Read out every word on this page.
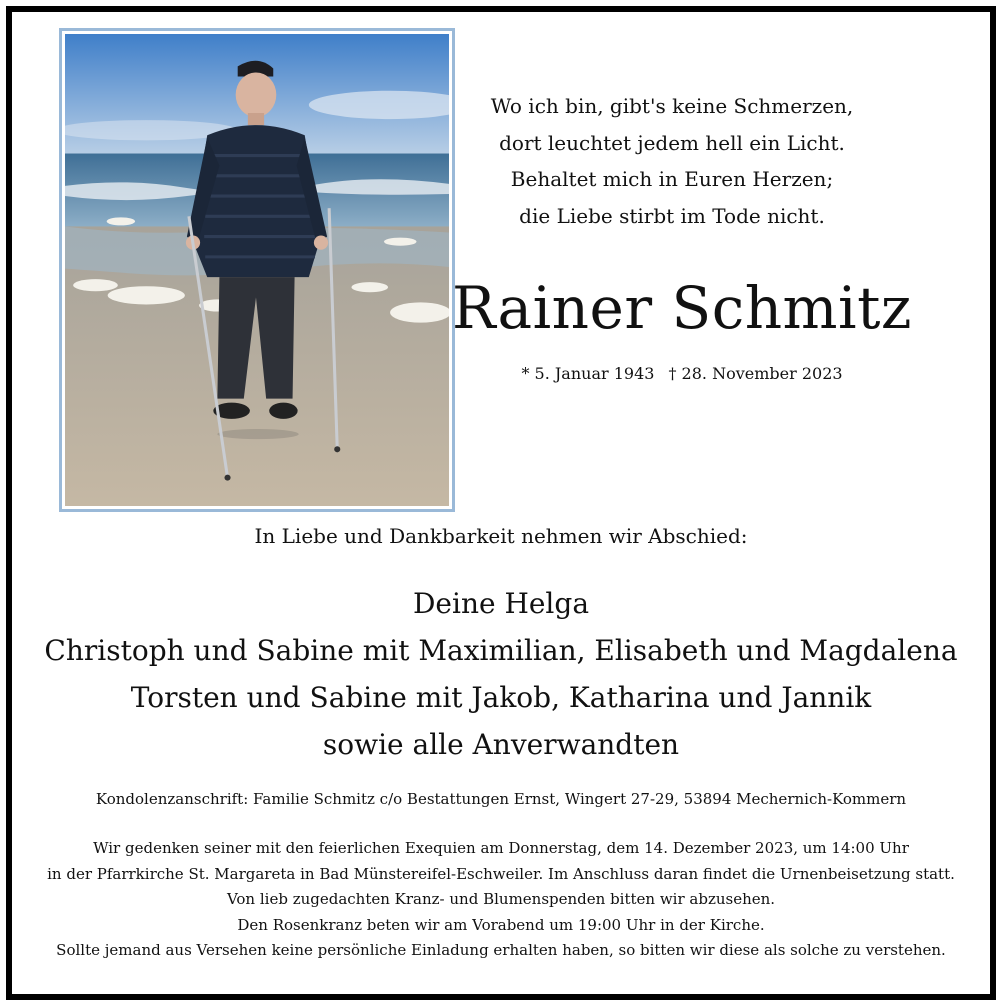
Wo ich bin, gibt's keine Schmerzen,
dort leuchtet jedem hell ein Licht.
Behaltet mich in Euren Herzen;
die Liebe stirbt im Tode nicht.
Rainer Schmitz
* 5. Januar 1943 † 28. November 2023
In Liebe und Dankbarkeit nehmen wir Abschied:
Deine Helga
Christoph und Sabine mit Maximilian, Elisabeth und Magdalena
Torsten und Sabine mit Jakob, Katharina und Jannik
sowie alle Anverwandten
Kondolenzanschrift: Familie Schmitz c/o Bestattungen Ernst, Wingert 27-29, 53894 Mechernich-Kommern
Wir gedenken seiner mit den feierlichen Exequien am Donnerstag, dem 14. Dezember 2023, um 14:00 Uhr
in der Pfarrkirche St. Margareta in Bad Münstereifel-Eschweiler. Im Anschluss daran findet die Urnenbeisetzung statt.
Von lieb zugedachten Kranz- und Blumenspenden bitten wir abzusehen.
Den Rosenkranz beten wir am Vorabend um 19:00 Uhr in der Kirche.
Sollte jemand aus Versehen keine persönliche Einladung erhalten haben, so bitten wir diese als solche zu verstehen.
